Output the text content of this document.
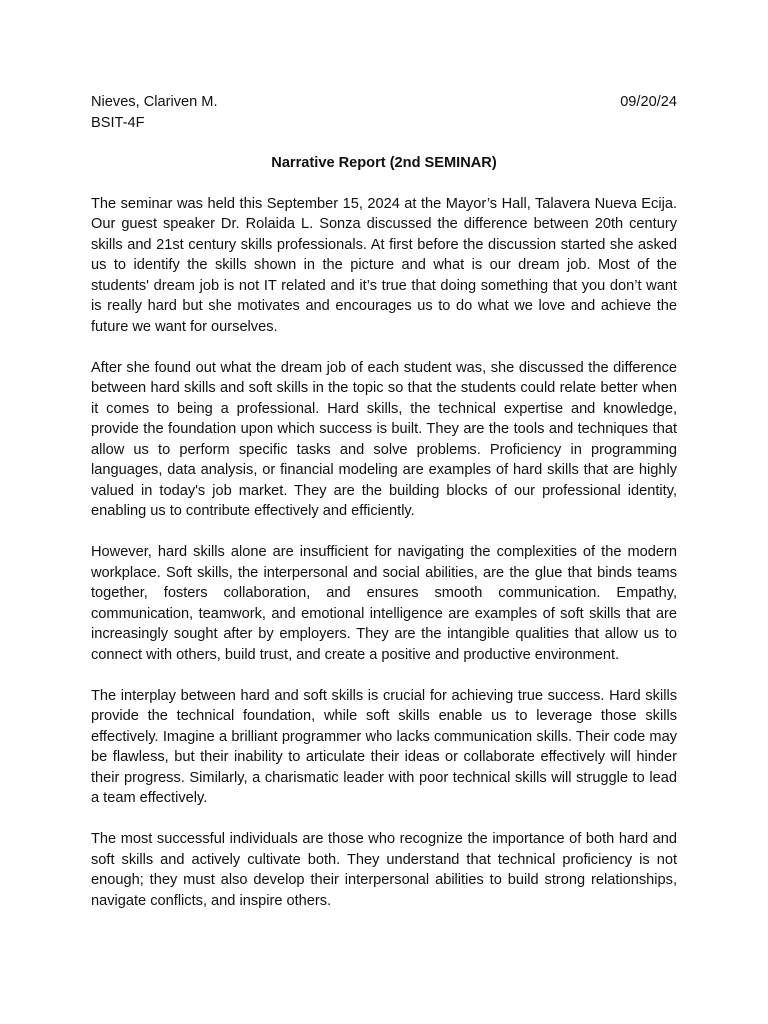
Nieves, Clariven M.	09/20/24
BSIT-4F
Narrative Report (2nd SEMINAR)

The seminar was held this September 15, 2024 at the Mayor’s Hall, Talavera Nueva Ecija. Our guest speaker Dr. Rolaida L. Sonza discussed the difference between 20th century skills and 21st century skills professionals. At first before the discussion started she asked us to identify the skills shown in the picture and what is our dream job. Most of the students' dream job is not IT related and it’s true that doing something that you don’t want is really hard but she motivates and encourages us to do what we love and achieve the future we want for ourselves.

After she found out what the dream job of each student was, she discussed the difference between hard skills and soft skills in the topic so that the students could relate better when it comes to being a professional. Hard skills, the technical expertise and knowledge, provide the foundation upon which success is built. They are the tools and techniques that allow us to perform specific tasks and solve problems. Proficiency in programming languages, data analysis, or financial modeling are examples of hard skills that are highly valued in today's job market. They are the building blocks of our professional identity, enabling us to contribute effectively and efficiently.

However, hard skills alone are insufficient for navigating the complexities of the modern workplace. Soft skills, the interpersonal and social abilities, are the glue that binds teams together, fosters collaboration, and ensures smooth communication. Empathy, communication, teamwork, and emotional intelligence are examples of soft skills that are increasingly sought after by employers. They are the intangible qualities that allow us to connect with others, build trust, and create a positive and productive environment.

The interplay between hard and soft skills is crucial for achieving true success. Hard skills provide the technical foundation, while soft skills enable us to leverage those skills effectively. Imagine a brilliant programmer who lacks communication skills. Their code may be flawless, but their inability to articulate their ideas or collaborate effectively will hinder their progress. Similarly, a charismatic leader with poor technical skills will struggle to lead a team effectively.

The most successful individuals are those who recognize the importance of both hard and soft skills and actively cultivate both. They understand that technical proficiency is not enough; they must also develop their interpersonal abilities to build strong relationships, navigate conflicts, and inspire others.
